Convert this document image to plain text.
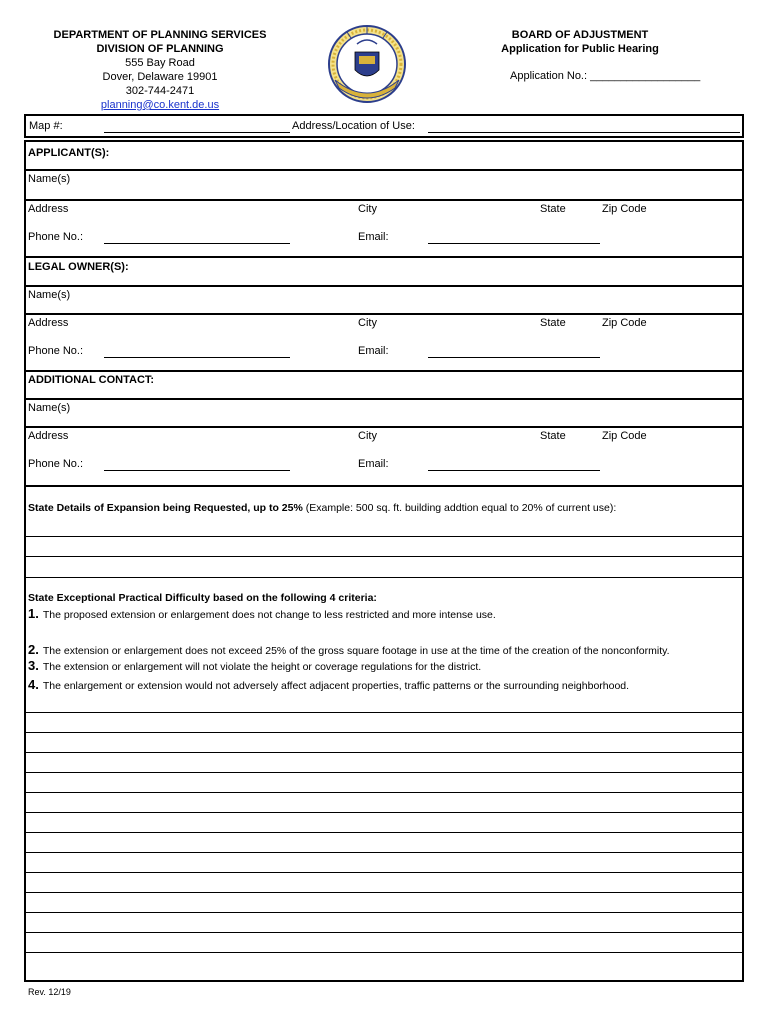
DEPARTMENT OF PLANNING SERVICES
DIVISION OF PLANNING
555 Bay Road
Dover, Delaware 19901
302-744-2471
planning@co.kent.de.us
BOARD OF ADJUSTMENT
Application for Public Hearing
Application No.: __________________
Map #:	Address/Location of Use:
APPLICANT(S):
Name(s)
Address	City	State	Zip Code
Phone No.:	Email:
LEGAL OWNER(S):
Name(s)
Address	City	State	Zip Code
Phone No.:	Email:
ADDITIONAL CONTACT:
Name(s)
Address	City	State	Zip Code
Phone No.:	Email:
State Details of Expansion being Requested, up to 25% (Example: 500 sq. ft. building addtion equal to 20% of current use):
State Exceptional Practical Difficulty based on the following 4 criteria:
1. The proposed extension or enlargement does not change to less restricted and more intense use.
2. The extension or enlargement does not exceed 25% of the gross square footage in use at the time of the creation of the nonconformity.
3. The extension or enlargement will not violate the height or coverage regulations for the district.
4. The enlargement or extension would not adversely affect adjacent properties, traffic patterns or the surrounding neighborhood.
Rev. 12/19
